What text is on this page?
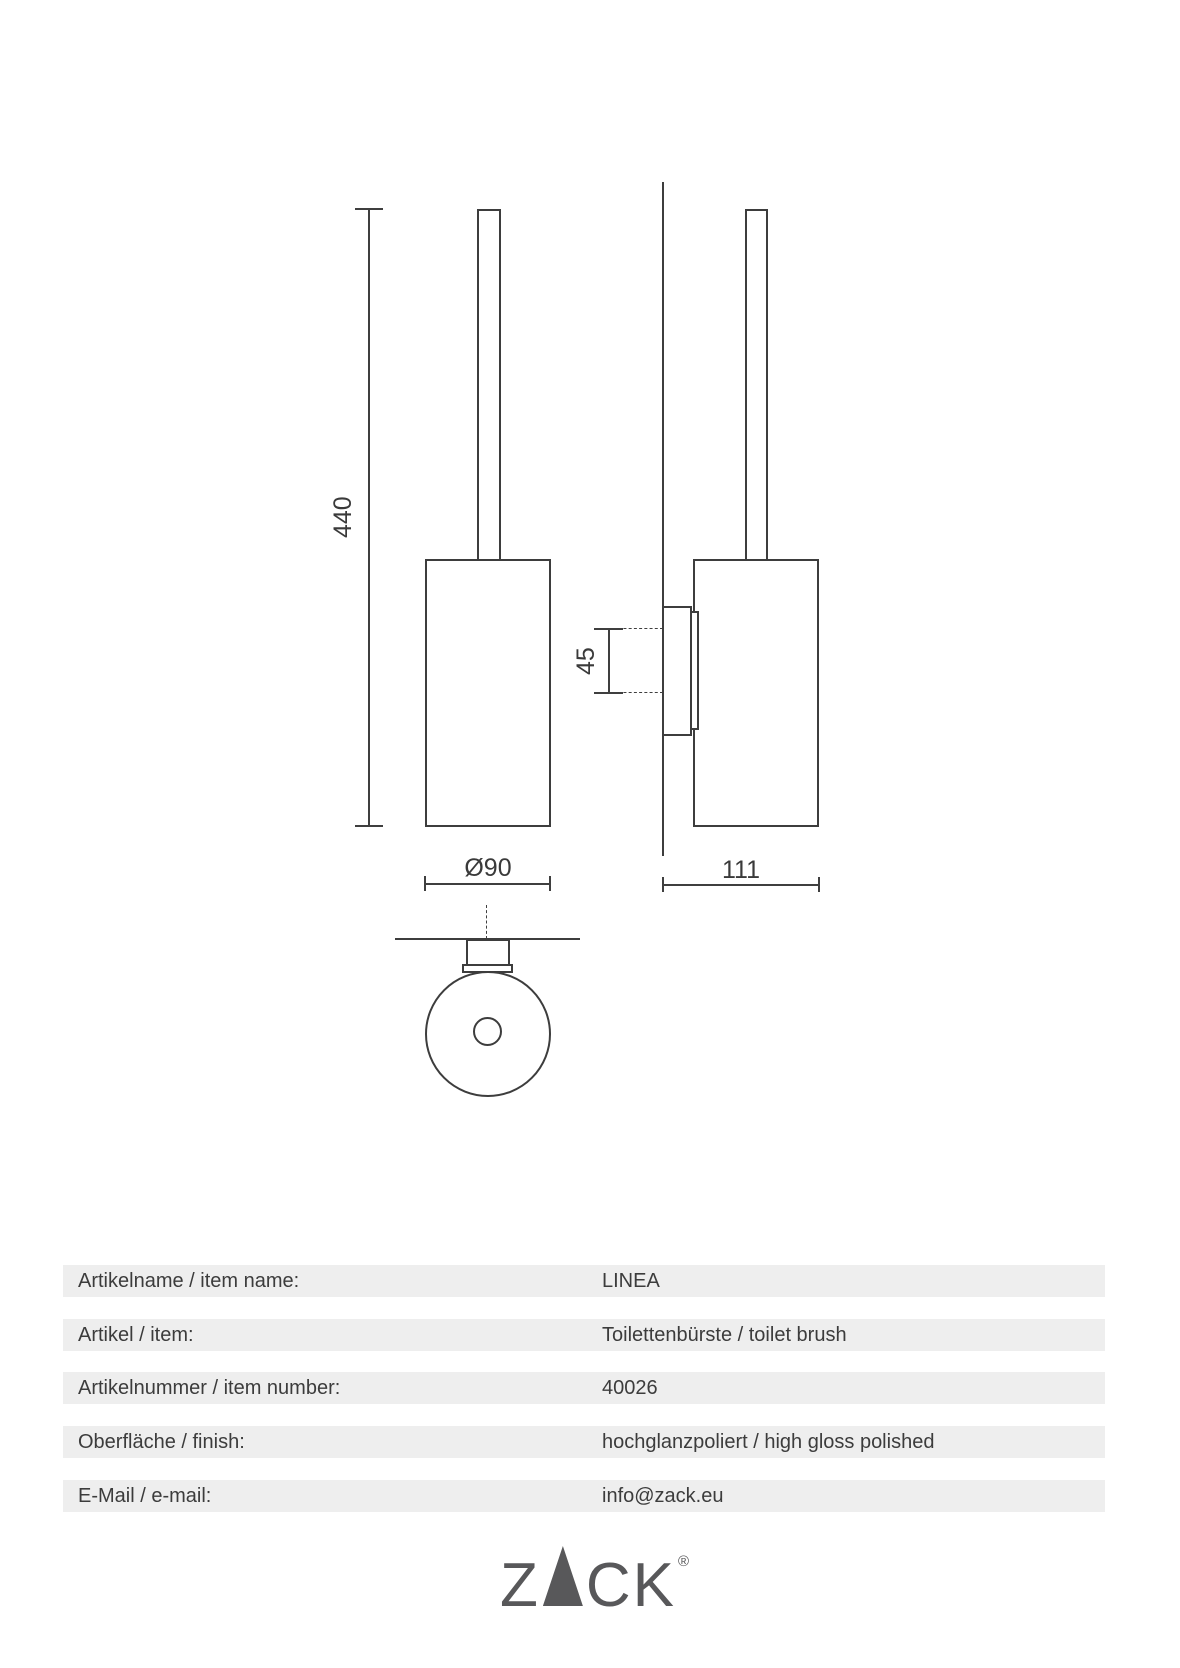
440
Ø90
45
111
Artikelname / item name:	LINEA
Artikel / item:	Toilettenbürste / toilet brush
Artikelnummer / item number:	40026
Oberfläche / finish:	hochglanzpoliert / high gloss polished
E-Mail / e-mail:	info@zack.eu
Z CK ®
